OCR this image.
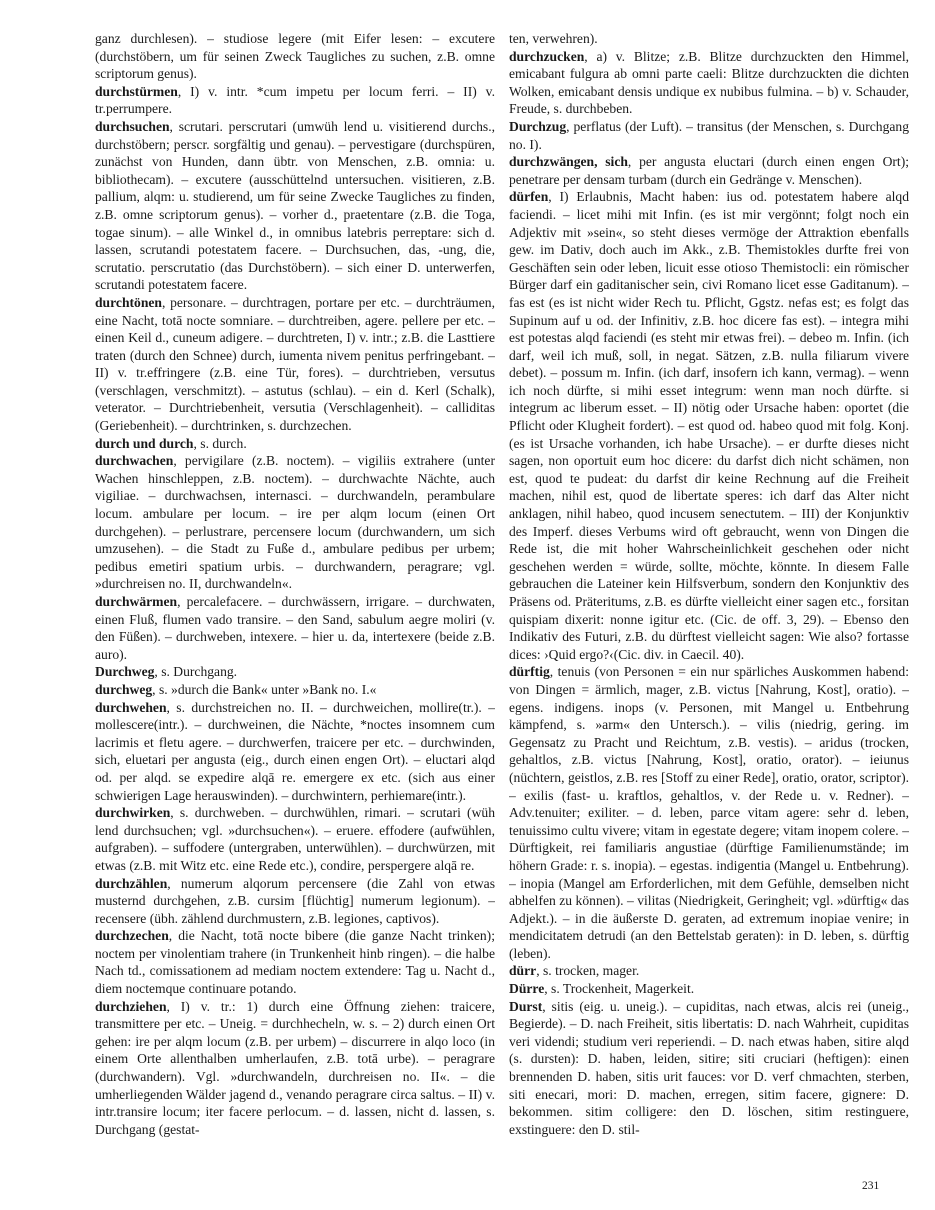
ganz durchlesen). – studiose legere (mit Eifer lesen: – excutere (durchstöbern, um für seinen Zweck Taugliches zu suchen, z.B. omne scriptorum genus).

durchstürmen, I) v. intr. *cum impetu per locum ferri. – II) v. tr.perrumpere.

durchsuchen, scrutari. perscrutari (umwüh lend u. visitierend durchs., durchstöbern; perscr. sorgfältig und genau). – pervestigare (durchspüren, zunächst von Hunden, dann übtr. von Menschen, z.B. omnia: u. bibliothecam). – excutere (ausschüttelnd untersuchen. visitieren, z.B. pallium, alqm: u. studierend, um für seine Zwecke Taugliches zu finden, z.B. omne scriptorum genus). – vorher d., praetentare (z.B. die Toga, togae sinum). – alle Winkel d., in omnibus latebris perreptare: sich d. lassen, scrutandi potestatem facere. – Durchsuchen, das, -ung, die, scrutatio. perscrutatio (das Durchstöbern). – sich einer D. unterwerfen, scrutandi potestatem facere.

durchtönen, personare. – durchtragen, portare per etc. – durchträumen, eine Nacht, totā nocte somniare. – durchtreiben, agere. pellere per etc. – einen Keil d., cuneum adigere. – durchtreten, I) v. intr.; z.B. die Lasttiere traten (durch den Schnee) durch, iumenta nivem penitus perfringebant. – II) v. tr.effringere (z.B. eine Tür, fores). – durchtrieben, versutus (verschlagen, verschmitzt). – astutus (schlau). – ein d. Kerl (Schalk), veterator. – Durchtriebenheit, versutia (Verschlagenheit). – calliditas (Geriebenheit). – durchtrinken, s. durchzechen.

durch und durch, s. durch.

durchwachen, pervigilare (z.B. noctem). – vigiliis extrahere (unter Wachen hinschleppen, z.B. noctem). – durchwachte Nächte, auch vigiliae. – durchwachsen, internasci. – durchwandeln, perambulare locum. ambulare per locum. – ire per alqm locum (einen Ort durchgehen). – perlustrare, percensere locum (durchwandern, um sich umzusehen). – die Stadt zu Fuße d., ambulare pedibus per urbem; pedibus emetiri spatium urbis. – durchwandern, peragrare; vgl. »durchreisen no. II, durchwandeln«.

durchwärmen, percalefacere. – durchwässern, irrigare. – durchwaten, einen Fluß, flumen vado transire. – den Sand, sabulum aegre moliri (v. den Füßen). – durchweben, intexere. – hier u. da, intertexere (beide z.B. auro).

Durchweg, s. Durchgang.

durchweg, s. »durch die Bank« unter »Bank no. I.«

durchwehen, s. durchstreichen no. II. – durchweichen, mollire(tr.). – mollescere(intr.). – durchweinen, die Nächte, *noctes insomnem cum lacrimis et fletu agere. – durchwerfen, traicere per etc. – durchwinden, sich, eluetari per angusta (eig., durch einen engen Ort). – eluctari alqd od. per alqd. se expedire alqā re. emergere ex etc. (sich aus einer schwierigen Lage herauswinden). – durchwintern, perhiemare(intr.).

durchwirken, s. durchweben. – durchwühlen, rimari. – scrutari (wüh lend durchsuchen; vgl. »durchsuchen«). – eruere. effodere (aufwühlen, aufgraben). – suffodere (untergraben, unterwühlen). – durchwürzen, mit etwas (z.B. mit Witz etc. eine Rede etc.), condire, perspergere alqā re.

durchzählen, numerum alqorum percensere (die Zahl von etwas musternd durchgehen, z.B. cursim [flüchtig] numerum legionum). – recensere (übh. zählend durchmustern, z.B. legiones, captivos).

durchzechen, die Nacht, totā nocte bibere (die ganze Nacht trinken); noctem per vinolentiam trahere (in Trunkenheit hinb ringen). – die halbe Nach td., comissationem ad mediam noctem extendere: Tag u. Nacht d., diem noctemque continuare potando.

durchziehen, I) v. tr.: 1) durch eine Öffnung ziehen: traicere, transmittere per etc. – Uneig. = durchhecheln, w. s. – 2) durch einen Ort gehen: ire per alqm locum (z.B. per urbem) – discurrere in alqo loco (in einem Orte allenthalben umherlaufen, z.B. totā urbe). – peragrare (durchwandern). Vgl. »durchwandeln, durchreisen no. II«. – die umherliegenden Wälder jagend d., venando peragrare circa saltus. – II) v. intr.transire locum; iter facere perlocum. – d. lassen, nicht d. lassen, s. Durchgang (gestat-

ten, verwehren).

durchzucken, a) v. Blitze; z.B. Blitze durchzuckten den Himmel, emicabant fulgura ab omni parte caeli: Blitze durchzuckten die dichten Wolken, emicabant densis undique ex nubibus fulmina. – b) v. Schauder, Freude, s. durchbeben.

Durchzug, perflatus (der Luft). – transitus (der Menschen, s. Durchgang no. I).

durchzwängen, sich, per angusta eluctari (durch einen engen Ort); penetrare per densam turbam (durch ein Gedränge v. Menschen).

dürfen, I) Erlaubnis, Macht haben: ius od. potestatem habere alqd faciendi. – licet mihi mit Infin. (es ist mir vergönnt; folgt noch ein Adjektiv mit »sein«, so steht dieses vermöge der Attraktion ebenfalls gew. im Dativ, doch auch im Akk., z.B. Themistokles durfte frei von Geschäften sein oder leben, licuit esse otioso Themistocli: ein römischer Bürger darf ein gaditanischer sein, civi Romano licet esse Gaditanum). – fas est (es ist nicht wider Rech tu. Pflicht, Ggstz. nefas est; es folgt das Supinum auf u od. der Infinitiv, z.B. hoc dicere fas est). – integra mihi est potestas alqd faciendi (es steht mir etwas frei). – debeo m. Infin. (ich darf, weil ich muß, soll, in negat. Sätzen, z.B. nulla filiarum vivere debet). – possum m. Infin. (ich darf, insofern ich kann, vermag). – wenn ich noch dürfte, si mihi esset integrum: wenn man noch dürfte. si integrum ac liberum esset. – II) nötig oder Ursache haben: oportet (die Pflicht oder Klugheit fordert). – est quod od. habeo quod mit folg. Konj. (es ist Ursache vorhanden, ich habe Ursache). – er durfte dieses nicht sagen, non oportuit eum hoc dicere: du darfst dich nicht schämen, non est, quod te pudeat: du darfst dir keine Rechnung auf die Freiheit machen, nihil est, quod de libertate speres: ich darf das Alter nicht anklagen, nihil habeo, quod incusem senectutem. – III) der Konjunktiv des Imperf. dieses Verbums wird oft gebraucht, wenn von Dingen die Rede ist, die mit hoher Wahrscheinlichkeit geschehen oder nicht geschehen werden = würde, sollte, möchte, könnte. In diesem Falle gebrauchen die Lateiner kein Hilfsverbum, sondern den Konjunktiv des Präsens od. Präteritums, z.B. es dürfte vielleicht einer sagen etc., forsitan quispiam dixerit: nonne igitur etc. (Cic. de off. 3, 29). – Ebenso den Indikativ des Futuri, z.B. du dürftest vielleicht sagen: Wie also? fortasse dices: ›Quid ergo?‹(Cic. div. in Caecil. 40).

dürftig, tenuis (von Personen = ein nur spärliches Auskommen habend: von Dingen = ärmlich, mager, z.B. victus [Nahrung, Kost], oratio). – egens. indigens. inops (v. Personen, mit Mangel u. Entbehrung kämpfend, s. »arm« den Untersch.). – vilis (niedrig, gering. im Gegensatz zu Pracht und Reichtum, z.B. vestis). – aridus (trocken, gehaltlos, z.B. victus [Nahrung, Kost], oratio, orator). – ieiunus (nüchtern, geistlos, z.B. res [Stoff zu einer Rede], oratio, orator, scriptor). – exilis (fast- u. kraftlos, gehaltlos, v. der Rede u. v. Redner). – Adv.tenuiter; exiliter. – d. leben, parce vitam agere: sehr d. leben, tenuissimo cultu vivere; vitam in egestate degere; vitam inopem colere. – Dürftigkeit, rei familiaris angustiae (dürftige Familienumstände; im höhern Grade: r. s. inopia). – egestas. indigentia (Mangel u. Entbehrung). – inopia (Mangel am Erforderlichen, mit dem Gefühle, demselben nicht abhelfen zu können). – vilitas (Niedrigkeit, Geringheit; vgl. »dürftig« das Adjekt.). – in die äußerste D. geraten, ad extremum inopiae venire; in mendicitatem detrudi (an den Bettelstab geraten): in D. leben, s. dürftig (leben).

dürr, s. trocken, mager.

Dürre, s. Trockenheit, Magerkeit.

Durst, sitis (eig. u. uneig.). – cupiditas, nach etwas, alcis rei (uneig., Begierde). – D. nach Freiheit, sitis libertatis: D. nach Wahrheit, cupiditas veri videndi; studium veri reperiendi. – D. nach etwas haben, sitire alqd (s. dursten): D. haben, leiden, sitire; siti cruciari (heftigen): einen brennenden D. haben, sitis urit fauces: vor D. verf chmachten, sterben, siti enecari, mori: D. machen, erregen, sitim facere, gignere: D. bekommen. sitim colligere: den D. löschen, sitim restinguere, exstinguere: den D. stil-

231
